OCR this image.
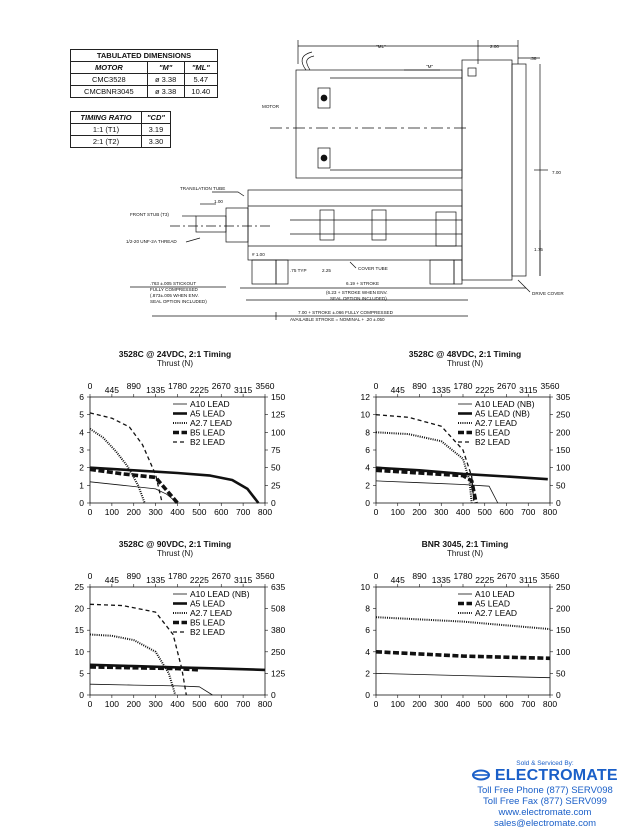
TABULATED DIMENSIONS		
MOTOR	"M"	"ML"
CMC3528	ø 3.38	5.47
CMCBNR3045	ø 3.38	10.40
TIMING RATIO	"CD"
1:1 (T1)	3.19
2:1 (T2)	3.30
"ML"	2.00
.38
"M"
MOTOR
TRANSLATION TUBE
1.00
FRONT STUB (T3)
1/2-20 UNF-2A THREAD
7.00
1.75
# 1.00
.75 TYP	2.25	COVER TUBE
.763 ±.005 STICKOUT
FULLY COMPRESSED
(.873±.005 WHEN ENV.
SEAL OPTION INCLUDED)
6.19 + STROKE
(6.23 + STROKE WHEN ENV.
SEAL OPTION INCLUDED)
DRIVE COVER
7.00 + STROKE ±.066 FULLY COMPRESSED
AVAILABLE STROKE = NOMINAL + .20 ±.050
3528C @ 24VDC, 2:1 Timing
Thrust (N)
0 100 200 300 400 500 600 700 800
0 445 890 1335 1780 2225 2670 3115 3560
0
1
2
3
4
5
6
0
25
50
75
100
125
150
A10 LEAD
A5 LEAD
A2.7 LEAD
B5 LEAD
B2 LEAD
3528C @ 48VDC, 2:1 Timing
Thrust (N)
0 100 200 300 400 500 600 700 800
0 445 890 1335 1780 2225 2670 3115 3560
0
2
4
6
8
10
12
0
50
100
150
200
250
305
A10 LEAD (NB)
A5 LEAD (NB)
A2.7 LEAD
B5 LEAD
B2 LEAD
3528C @ 90VDC, 2:1 Timing
Thrust (N)
0 100 200 300 400 500 600 700 800
0 445 890 1335 1780 2225 2670 3115 3560
0
5
10
15
20
25
0
125
250
380
508
635
A10 LEAD (NB)
A5 LEAD
A2.7 LEAD
B5 LEAD
B2 LEAD
BNR 3045, 2:1 Timing
Thrust (N)
0 100 200 300 400 500 600 700 800
0 445 890 1335 1780 2225 2670 3115 3560
0
2
4
6
8
10
0
50
100
150
200
250
A10 LEAD
A5 LEAD
A2.7 LEAD
Sold & Serviced By:
ELECTROMATE
Toll Free Phone (877) SERV098
Toll Free Fax (877) SERV099
www.electromate.com
sales@electromate.com
